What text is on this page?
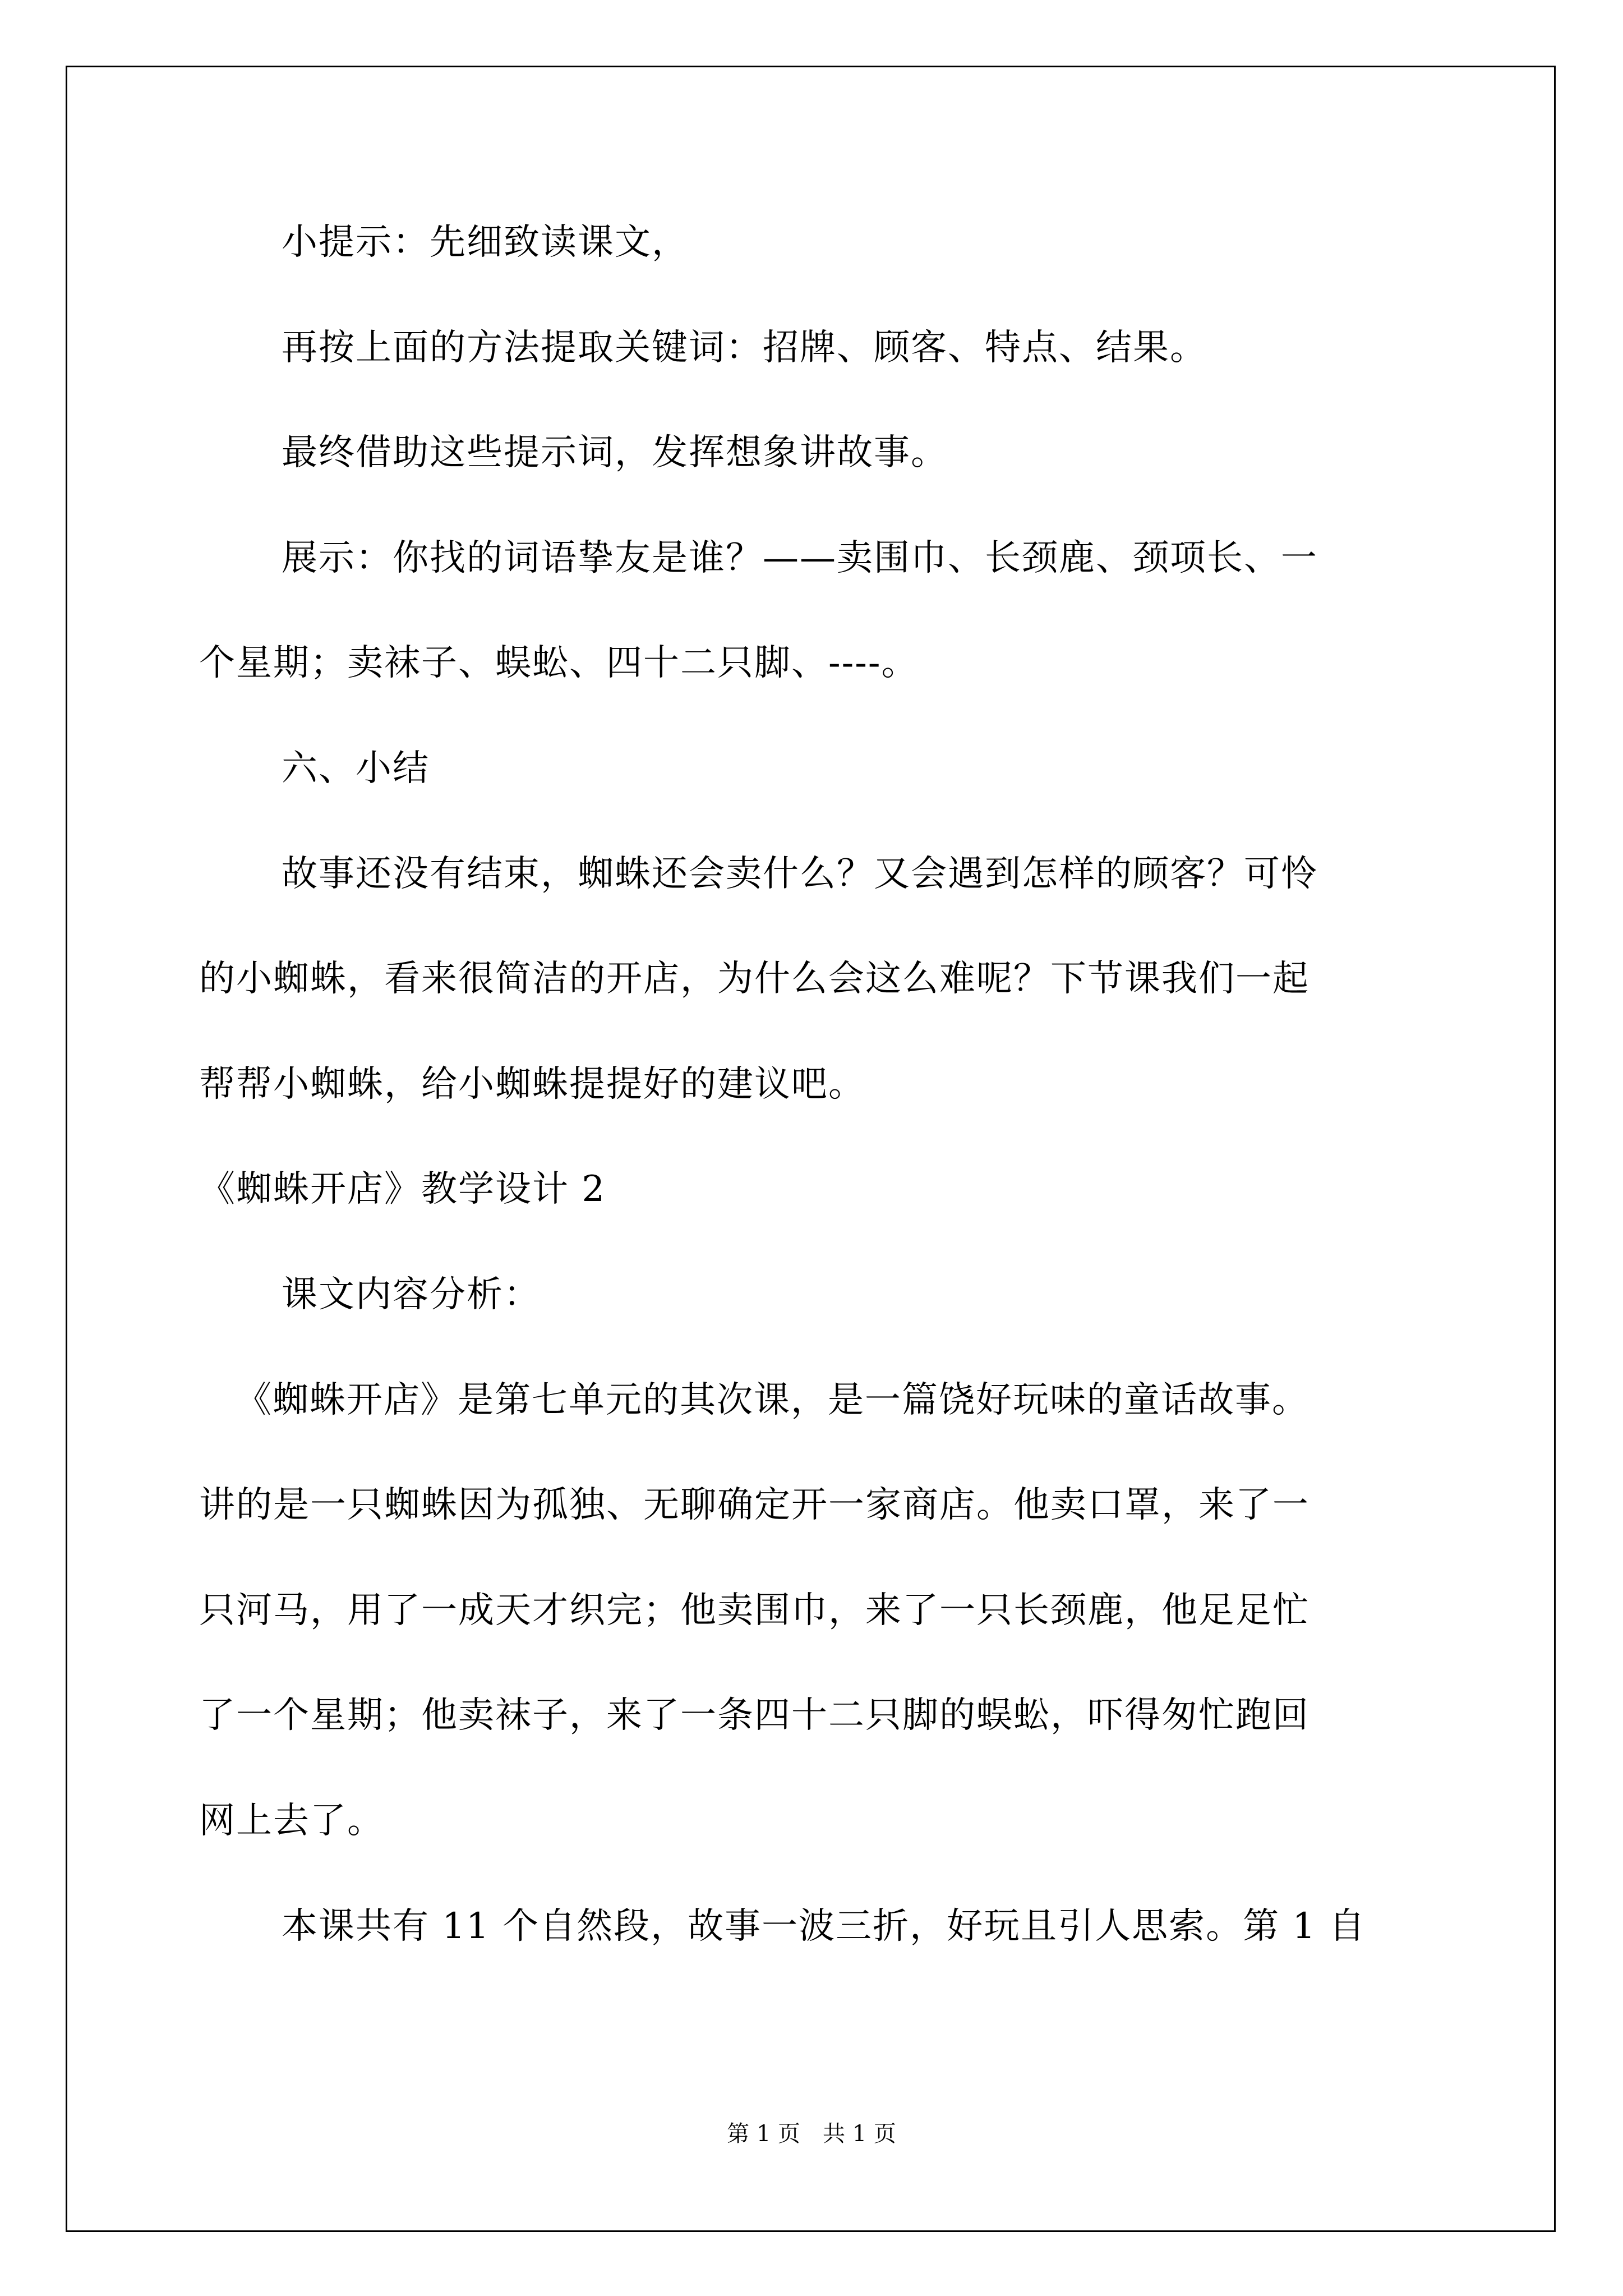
小提示：先细致读课文，
再按上面的方法提取关键词：招牌、顾客、特点、结果。
最终借助这些提示词，发挥想象讲故事。
展示：你找的词语挚友是谁？——卖围巾、长颈鹿、颈项长、一
个星期；卖袜子、蜈蚣、四十二只脚、----。
六、小结
故事还没有结束，蜘蛛还会卖什么？又会遇到怎样的顾客？可怜
的小蜘蛛，看来很简洁的开店，为什么会这么难呢？下节课我们一起
帮帮小蜘蛛，给小蜘蛛提提好的建议吧。
《蜘蛛开店》教学设计 2
课文内容分析：
《蜘蛛开店》是第七单元的其次课，是一篇饶好玩味的童话故事。
讲的是一只蜘蛛因为孤独、无聊确定开一家商店。他卖口罩，来了一
只河马，用了一成天才织完；他卖围巾，来了一只长颈鹿，他足足忙
了一个星期；他卖袜子，来了一条四十二只脚的蜈蚣，吓得匆忙跑回
网上去了。
本课共有 11 个自然段，故事一波三折，好玩且引人思索。第 1 自
第 1 页　共 1 页
